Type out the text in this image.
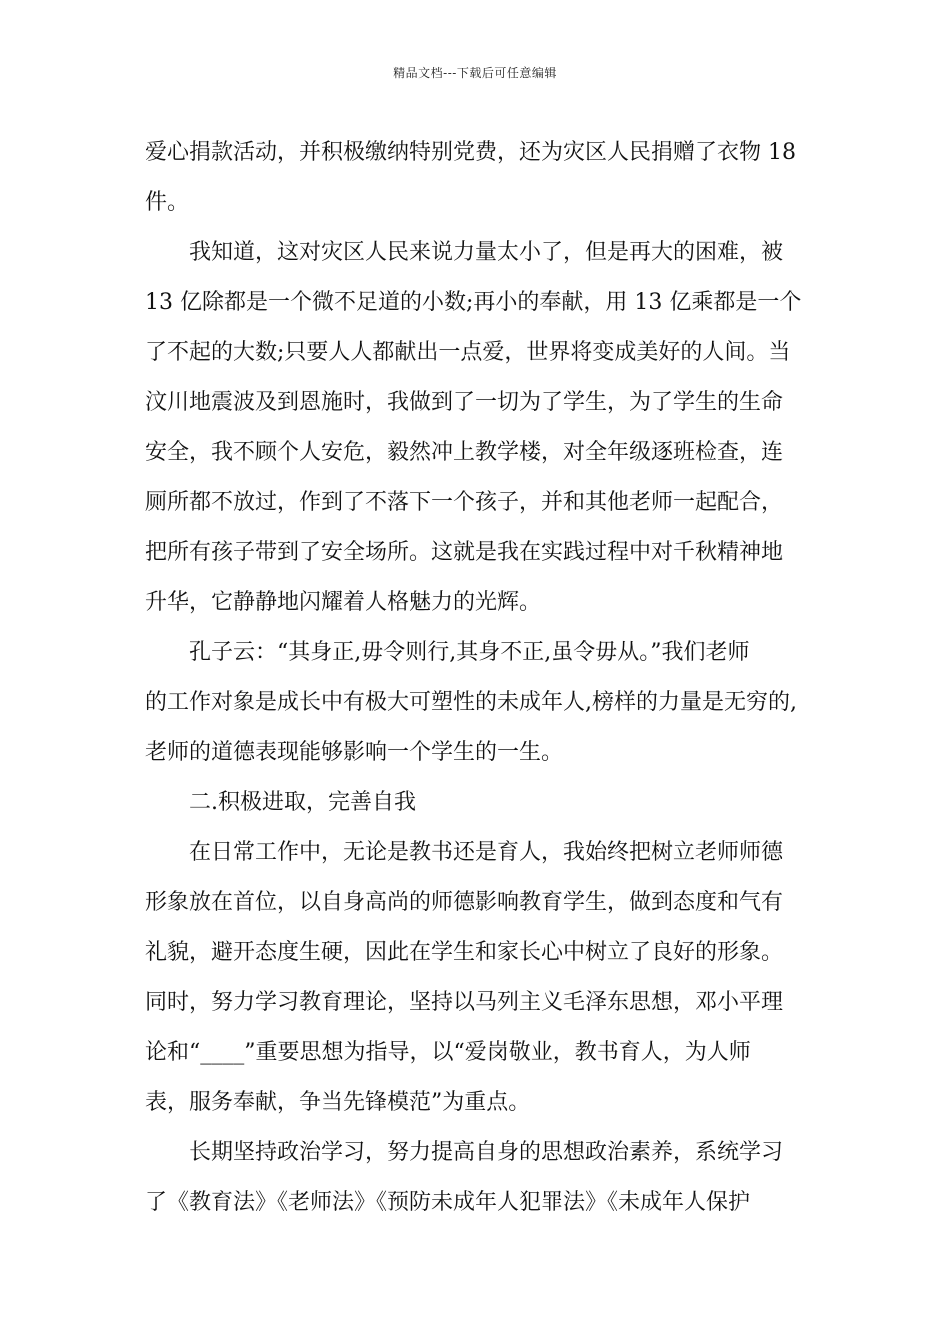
精品文档---下载后可任意编辑
爱心捐款活动，并积极缴纳特别党费，还为灾区人民捐赠了衣物 18
件。
我知道，这对灾区人民来说力量太小了，但是再大的困难，被
13 亿除都是一个微不足道的小数;再小的奉献，用 13 亿乘都是一个
了不起的大数;只要人人都献出一点爱，世界将变成美好的人间。当
汶川地震波及到恩施时，我做到了一切为了学生，为了学生的生命
安全，我不顾个人安危，毅然冲上教学楼，对全年级逐班检查，连
厕所都不放过，作到了不落下一个孩子，并和其他老师一起配合，
把所有孩子带到了安全场所。这就是我在实践过程中对千秋精神地
升华，它静静地闪耀着人格魅力的光辉。
孔子云：“其身正,毋令则行,其身不正,虽令毋从。”我们老师
的工作对象是成长中有极大可塑性的未成年人,榜样的力量是无穷的,
老师的道德表现能够影响一个学生的一生。
二.积极进取，完善自我
在日常工作中，无论是教书还是育人，我始终把树立老师师德
形象放在首位，以自身高尚的师德影响教育学生，做到态度和气有
礼貌，避开态度生硬，因此在学生和家长心中树立了良好的形象。
同时，努力学习教育理论，坚持以马列主义毛泽东思想，邓小平理
论和“____”重要思想为指导，以“爱岗敬业，教书育人，为人师
表，服务奉献，争当先锋模范”为重点。
长期坚持政治学习，努力提高自身的思想政治素养，系统学习
了《教育法》《老师法》《预防未成年人犯罪法》《未成年人保护
